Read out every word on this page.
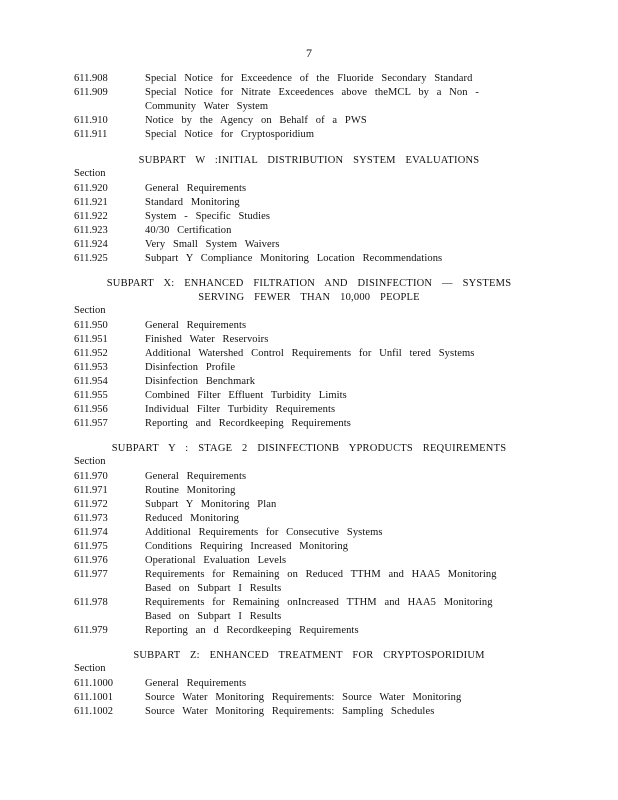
7
611.908	Special Notice for Exceedence of the Fluoride Secondary Standard
611.909	Special Notice for Nitrate Exceedences above theMCL by a Non - Community Water System
611.910	Notice by the Agency on Behalf of a PWS
611.911	Special Notice for Cryptosporidium
SUBPART W :INITIAL DISTRIBUTION SYSTEM EVALUATIONS
Section
611.920	General Requirements
611.921	Standard Monitoring
611.922	System - Specific Studies
611.923	40/30 Certification
611.924	Very Small System Waivers
611.925	Subpart Y Compliance Monitoring Location Recommendations
SUBPART X: ENHANCED FILTRATION AND DISINFECTION — SYSTEMS
SERVING FEWER THAN 10,000 PEOPLE
Section
611.950	General Requirements
611.951	Finished Water Reservoirs
611.952	Additional Watershed Control Requirements for Unfil tered Systems
611.953	Disinfection Profile
611.954	Disinfection Benchmark
611.955	Combined Filter Effluent Turbidity Limits
611.956	Individual Filter Turbidity Requirements
611.957	Reporting and Recordkeeping Requirements
SUBPART Y : STAGE 2 DISINFECTIONB YPRODUCTS REQUIREMENTS
Section
611.970	General Requirements
611.971	Routine Monitoring
611.972	Subpart Y Monitoring Plan
611.973	Reduced Monitoring
611.974	Additional Requirements for Consecutive Systems
611.975	Conditions Requiring Increased Monitoring
611.976	Operational Evaluation Levels
611.977	Requirements for Remaining on Reduced TTHM and HAA5 Monitoring Based on Subpart I Results
611.978	Requirements for Remaining onIncreased TTHM and HAA5 Monitoring Based on Subpart I Results
611.979	Reporting an d Recordkeeping Requirements
SUBPART Z: ENHANCED TREATMENT FOR CRYPTOSPORIDIUM
Section
611.1000	General Requirements
611.1001	Source Water Monitoring Requirements: Source Water Monitoring
611.1002	Source Water Monitoring Requirements: Sampling Schedules
